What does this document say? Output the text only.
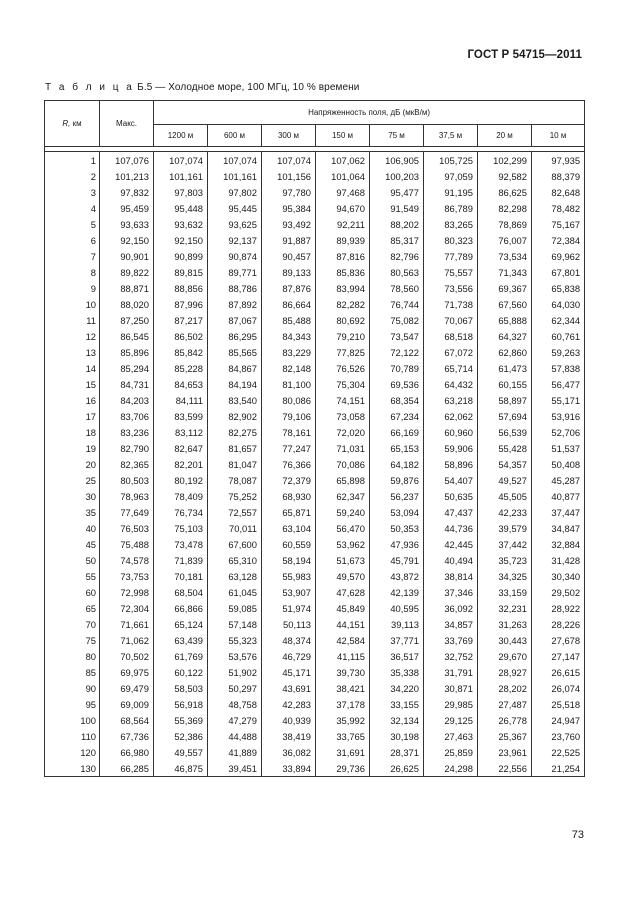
ГОСТ Р 54715—2011
Т а б л и ц а Б.5 — Холодное море, 100 МГц, 10 % времени
R, км	Макс.	Напряженность поля, дБ (мкВ/м)							
		1200 м	600 м	300 м	150 м	75 м	37,5 м	20 м	10 м

1	107,076	107,074	107,074	107,074	107,062	106,905	105,725	102,299	97,935
2	101,213	101,161	101,161	101,156	101,064	100,203	97,059	92,582	88,379
3	97,832	97,803	97,802	97,780	97,468	95,477	91,195	86,625	82,648
4	95,459	95,448	95,445	95,384	94,670	91,549	86,789	82,298	78,482
5	93,633	93,632	93,625	93,492	92,211	88,202	83,265	78,869	75,167
6	92,150	92,150	92,137	91,887	89,939	85,317	80,323	76,007	72,384
7	90,901	90,899	90,874	90,457	87,816	82,796	77,789	73,534	69,962
8	89,822	89,815	89,771	89,133	85,836	80,563	75,557	71,343	67,801
9	88,871	88,856	88,786	87,876	83,994	78,560	73,556	69,367	65,838
10	88,020	87,996	87,892	86,664	82,282	76,744	71,738	67,560	64,030
11	87,250	87,217	87,067	85,488	80,692	75,082	70,067	65,888	62,344
12	86,545	86,502	86,295	84,343	79,210	73,547	68,518	64,327	60,761
13	85,896	85,842	85,565	83,229	77,825	72,122	67,072	62,860	59,263
14	85,294	85,228	84,867	82,148	76,526	70,789	65,714	61,473	57,838
15	84,731	84,653	84,194	81,100	75,304	69,536	64,432	60,155	56,477
16	84,203	84,111	83,540	80,086	74,151	68,354	63,218	58,897	55,171
17	83,706	83,599	82,902	79,106	73,058	67,234	62,062	57,694	53,916
18	83,236	83,112	82,275	78,161	72,020	66,169	60,960	56,539	52,706
19	82,790	82,647	81,657	77,247	71,031	65,153	59,906	55,428	51,537
20	82,365	82,201	81,047	76,366	70,086	64,182	58,896	54,357	50,408
25	80,503	80,192	78,087	72,379	65,898	59,876	54,407	49,527	45,287
30	78,963	78,409	75,252	68,930	62,347	56,237	50,635	45,505	40,877
35	77,649	76,734	72,557	65,871	59,240	53,094	47,437	42,233	37,447
40	76,503	75,103	70,011	63,104	56,470	50,353	44,736	39,579	34,847
45	75,488	73,478	67,600	60,559	53,962	47,936	42,445	37,442	32,884
50	74,578	71,839	65,310	58,194	51,673	45,791	40,494	35,723	31,428
55	73,753	70,181	63,128	55,983	49,570	43,872	38,814	34,325	30,340
60	72,998	68,504	61,045	53,907	47,628	42,139	37,346	33,159	29,502
65	72,304	66,866	59,085	51,974	45,849	40,595	36,092	32,231	28,922
70	71,661	65,124	57,148	50,113	44,151	39,113	34,857	31,263	28,226
75	71,062	63,439	55,323	48,374	42,584	37,771	33,769	30,443	27,678
80	70,502	61,769	53,576	46,729	41,115	36,517	32,752	29,670	27,147
85	69,975	60,122	51,902	45,171	39,730	35,338	31,791	28,927	26,615
90	69,479	58,503	50,297	43,691	38,421	34,220	30,871	28,202	26,074
95	69,009	56,918	48,758	42,283	37,178	33,155	29,985	27,487	25,518
100	68,564	55,369	47,279	40,939	35,992	32,134	29,125	26,778	24,947
110	67,736	52,386	44,488	38,419	33,765	30,198	27,463	25,367	23,760
120	66,980	49,557	41,889	36,082	31,691	28,371	25,859	23,961	22,525
130	66,285	46,875	39,451	33,894	29,736	26,625	24,298	22,556	21,254
73
